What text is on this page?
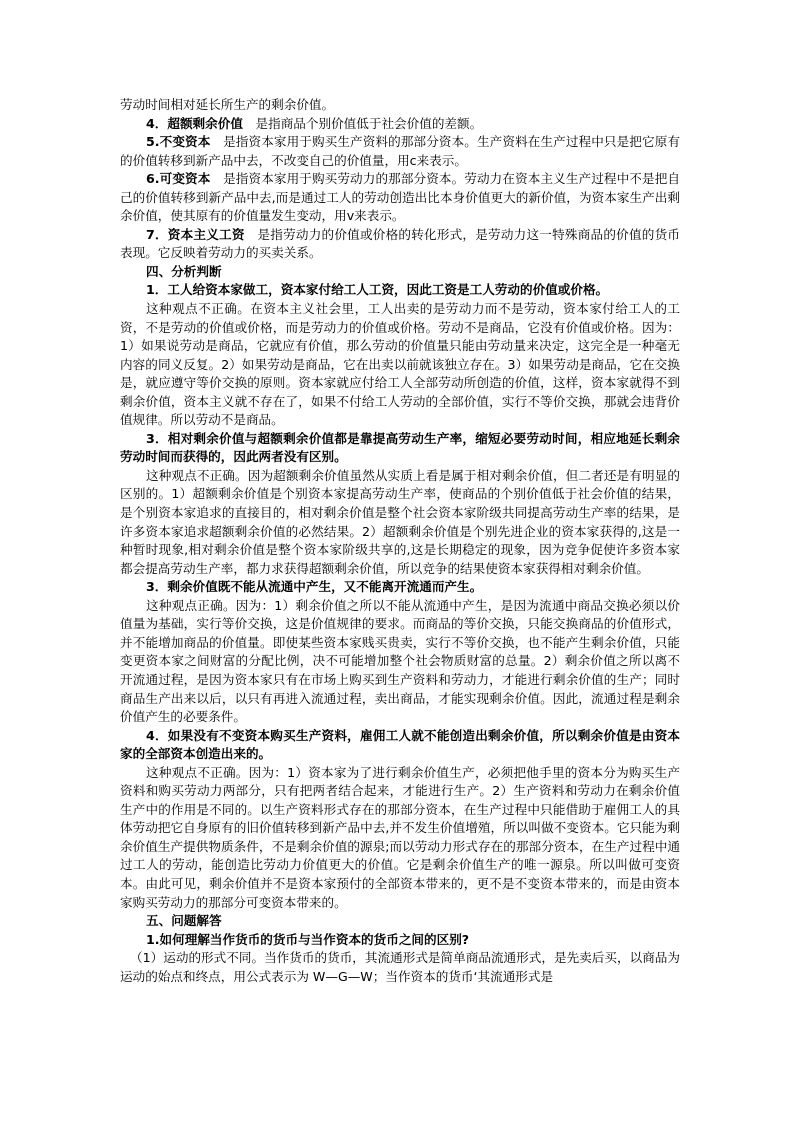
劳动时间相对延长所生产的剩余价值。

4．超额剩余价值　是指商品个别价值低于社会价值的差额。

5.不变资本　是指资本家用于购买生产资料的那部分资本。生产资料在生产过程中只是把它原有的价值转移到新产品中去，不改变自己的价值量，用c来表示。

6.可变资本　是指资本家用于购买劳动力的那部分资本。劳动力在资本主义生产过程中不是把自己的价值转移到新产品中去,而是通过工人的劳动创造出比本身价值更大的新价值，为资本家生产出剩余价值，使其原有的价值量发生变动，用v来表示。

7．资本主义工资　是指劳动力的价值或价格的转化形式，是劳动力这一特殊商品的价值的货币表现。它反映着劳动力的买卖关系。

四、分析判断

1．工人给资本家做工，资本家付给工人工资，因此工资是工人劳动的价值或价格。

这种观点不正确。在资本主义社会里，工人出卖的是劳动力而不是劳动，资本家付给工人的工资，不是劳动的价值或价格，而是劳动力的价值或价格。劳动不是商品，它没有价值或价格。因为：1）如果说劳动是商品，它就应有价值，那么劳动的价值量只能由劳动量来决定，这完全是一种毫无内容的同义反复。2）如果劳动是商品，它在出卖以前就该独立存在。3）如果劳动是商品，它在交换是，就应遵守等价交换的原则。资本家就应付给工人全部劳动所创造的价值，这样，资本家就得不到剩余价值，资本主义就不存在了，如果不付给工人劳动的全部价值，实行不等价交换，那就会违背价值规律。所以劳动不是商品。

3．相对剩余价值与超额剩余价值都是靠提高劳动生产率，缩短必要劳动时间，相应地延长剩余劳动时间而获得的，因此两者没有区别。

这种观点不正确。因为超额剩余价值虽然从实质上看是属于相对剩余价值，但二者还是有明显的区别的。1）超额剩余价值是个别资本家提高劳动生产率，使商品的个别价值低于社会价值的结果，是个别资本家追求的直接目的，相对剩余价值是整个社会资本家阶级共同提高劳动生产率的结果，是许多资本家追求超额剩余价值的必然结果。2）超额剩余价值是个别先进企业的资本家获得的,这是一种暂时现象,相对剩余价值是整个资本家阶级共享的,这是长期稳定的现象，因为竞争促使许多资本家都会提高劳动生产率，都力求获得超额剩余价值，所以竞争的结果使资本家获得相对剩余价值。

3．剩余价值既不能从流通中产生，又不能离开流通而产生。

这种观点正确。因为：1）剩余价值之所以不能从流通中产生，是因为流通中商品交换必须以价值量为基础，实行等价交换，这是价值规律的要求。而商品的等价交换，只能交换商品的价值形式，并不能增加商品的价值量。即使某些资本家贱买贵卖，实行不等价交换，也不能产生剩余价值，只能变更资本家之间财富的分配比例，决不可能增加整个社会物质财富的总量。2）剩余价值之所以离不开流通过程，是因为资本家只有在市场上购买到生产资料和劳动力，才能进行剩余价值的生产；同时商品生产出来以后，以只有再进入流通过程，卖出商品，才能实现剩余价值。因此，流通过程是剩余价值产生的必要条件。

4．如果没有不变资本购买生产资料，雇佣工人就不能创造出剩余价值，所以剩余价值是由资本家的全部资本创造出来的。

这种观点不正确。因为：1）资本家为了进行剩余价值生产，必须把他手里的资本分为购买生产资料和购买劳动力两部分，只有把两者结合起来，才能进行生产。2）生产资料和劳动力在剩余价值生产中的作用是不同的。以生产资料形式存在的那部分资本，在生产过程中只能借助于雇佣工人的具体劳动把它自身原有的旧价值转移到新产品中去,并不发生价值增殖，所以叫做不变资本。它只能为剩余价值生产提供物质条件，不是剩余价值的源泉;而以劳动力形式存在的那部分资本，在生产过程中通过工人的劳动，能创造比劳动力价值更大的价值。它是剩余价值生产的唯一源泉。所以叫做可变资本。由此可见，剩余价值并不是资本家预付的全部资本带来的，更不是不变资本带来的，而是由资本家购买劳动力的那部分可变资本带来的。

五、问题解答

1.如何理解当作货币的货币与当作资本的货币之间的区别?

（1）运动的形式不同。当作货币的货币，其流通形式是简单商品流通形式，是先卖后买，以商品为运动的始点和终点，用公式表示为 W—G—W；当作资本的货币‘其流通形式是
